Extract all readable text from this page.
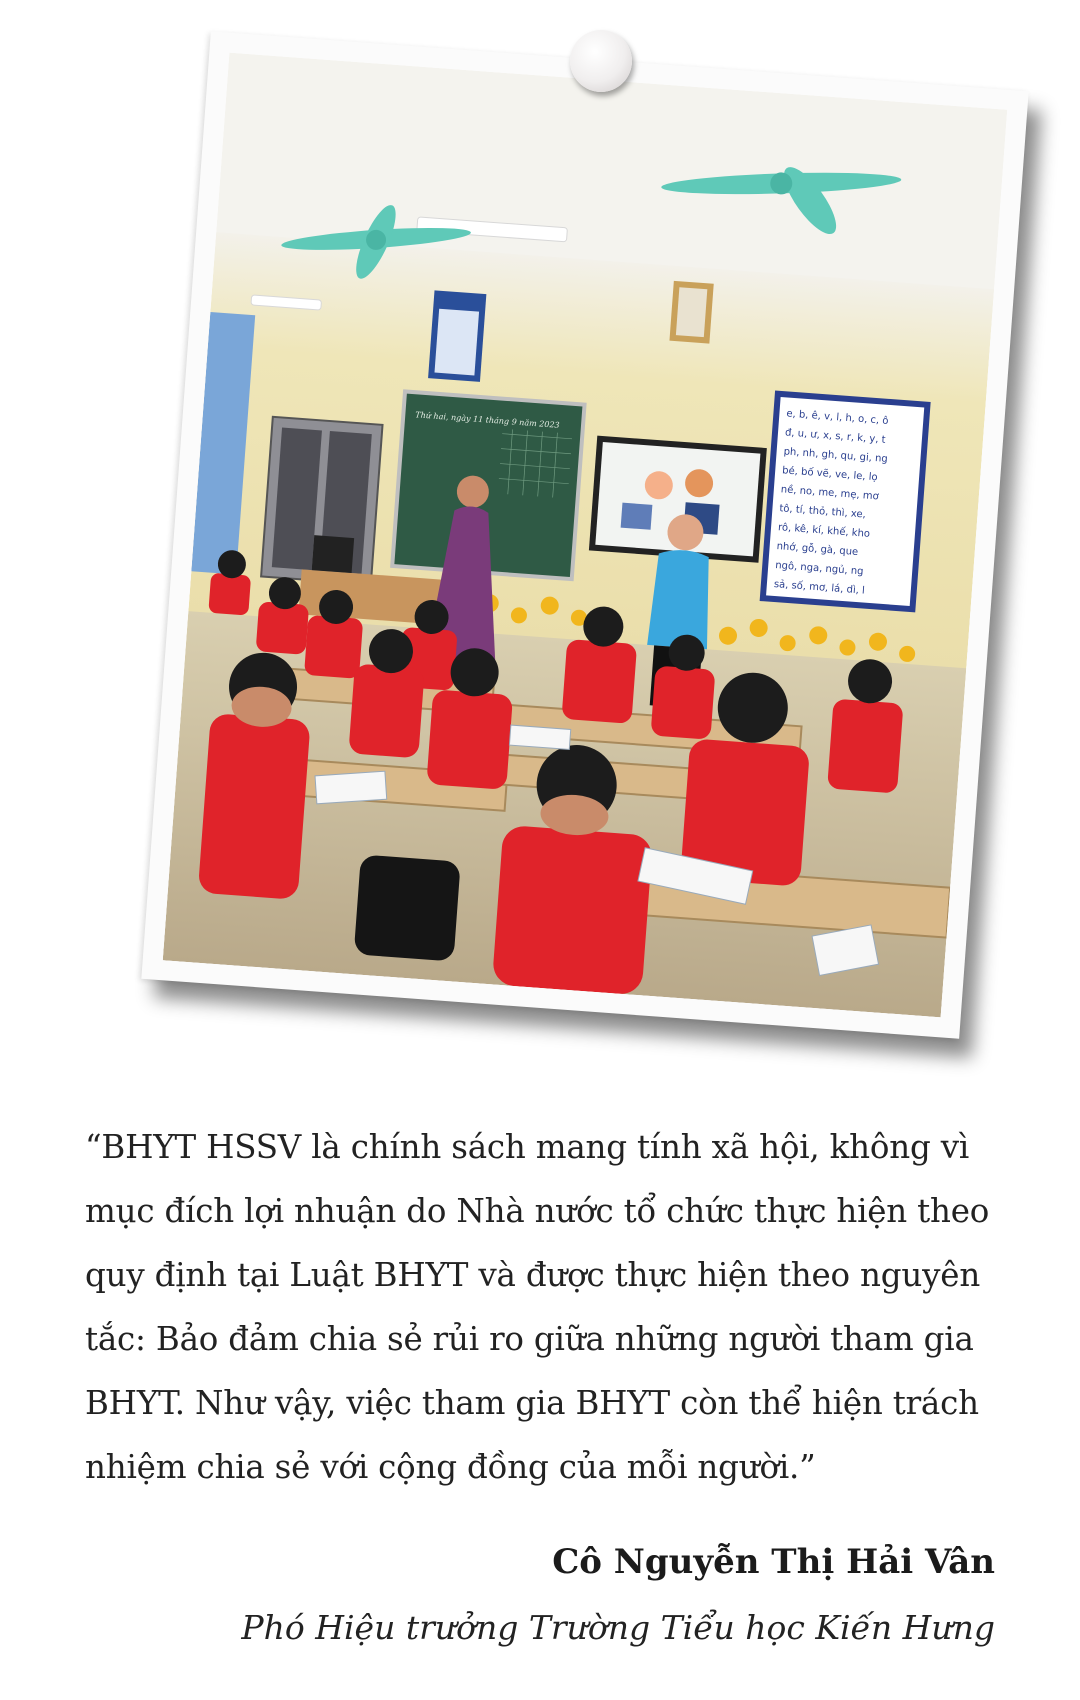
Thứ hai, ngày 11 tháng 9 năm 2023	e, b, ê, v, l, h, o, c, ô
đ, u, ư, x, s, r, k, y, t
ph, nh, gh, qu, gi, ng
bé, bố vẽ, ve, le, lọ
nề, no, me, mẹ, mơ
tô, tí, thỏ, thì, xe,
rô, kê, kí, khế, kho
nhớ, gỗ, gà, que
ngô, nga, ngủ, ng
sả, số, mơ, lá, dì, l

“BHYT HSSV là chính sách mang tính xã hội, không vì mục đích lợi nhuận do Nhà nước tổ chức thực hiện theo quy định tại Luật BHYT và được thực hiện theo nguyên tắc: Bảo đảm chia sẻ rủi ro giữa những người tham gia BHYT. Như vậy, việc tham gia BHYT còn thể hiện trách nhiệm chia sẻ với cộng đồng của mỗi người.”

Cô Nguyễn Thị Hải Vân
Phó Hiệu trưởng Trường Tiểu học Kiến Hưng
